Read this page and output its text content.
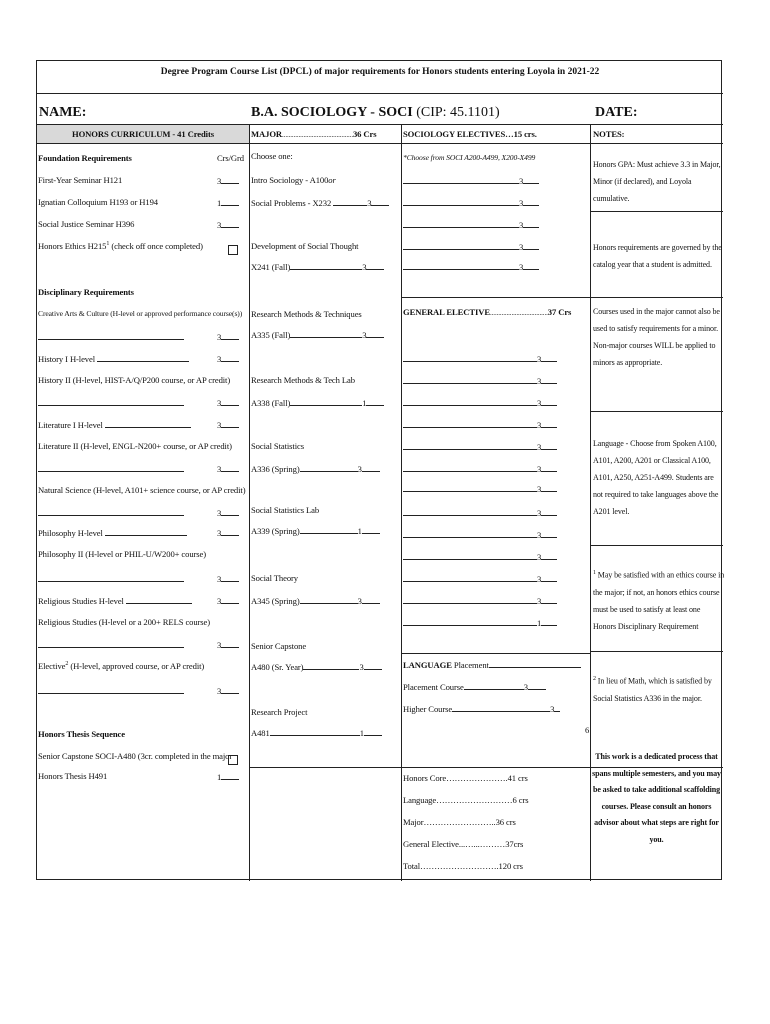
Degree Program Course List (DPCL) of major requirements for Honors students entering Loyola in 2021-22
NAME:	B.A. SOCIOLOGY - SOCI (CIP: 45.1101)	DATE:
HONORS CURRICULUM - 41 Credits
Foundation Requirements	Crs/Grd
First-Year Seminar H121	3
Ignatian Colloquium H193 or H194	1
Social Justice Seminar H396	3
Honors Ethics $H215^1$ (check off once completed)
Disciplinary Requirements
Creative Arts & Culture (H-level or approved performance course(s))
3
History I H-level	3
History II (H-level, HIST-A/Q/P200 course, or AP credit)
3
Literature I H-level	3
Literature II (H-level, ENGL-N200+ course, or AP credit)
3
Natural Science (H-level, A101+ science course, or AP credit)
3
Philosophy H-level	3
Philosophy II (H-level or PHIL-U/W200+ course)
3
Religious Studies H-level	3
Religious Studies (H-level or a 200+ RELS course)
3
Elective$^2$ (H-level, approved course, or AP credit)
3
Honors Thesis Sequence
Senior Capstone SOCI-A480 (3cr. completed in the major
Honors Thesis H491	1
MAJOR...........................................36 Crs
Choose one:
Intro Sociology - A100or
Social Problems - X232	3
Development of Social Thought
X241 (Fall)	3
Research Methods & Techniques
A335 (Fall)	3
Research Methods & Tech Lab
A338 (Fall)	1
Social Statistics
A336 (Spring)	3
Social Statistics Lab
A339 (Spring)	1
Social Theory
A345 (Spring)	3
Senior Capstone
A480 (Sr. Year)	3
Research Project
A481	1
SOCIOLOGY ELECTIVES…15 crs.
*Choose from SOCI A200-A499, X200-X499
3
3
3
3
3
GENERAL ELECTIVE...................................37 Crs
3
3
3
3
3
3
3
3
3
3
3
3
1
LANGUAGE Placement
Placement Course	3
Higher Course	3
6
Honors Core………………….41 crs
Language………………………6 crs
Major……………………..36 crs
General Elective...…...………37crs
Total……………………….120 crs
NOTES:
Honors GPA: Must achieve 3.3 in Major,
Minor (if declared), and Loyola
cumulative.
Honors requirements are governed by the
catalog year that a student is admitted.
Courses used in the major cannot also be
used to satisfy requirements for a minor.
Non-major courses WILL be applied to
minors as appropriate.
Language - Choose from Spoken A100,
A101, A200, A201 or Classical A100,
A101, A250, A251-A499. Students are
not required to take languages above the
A201 level.
$^1$ May be satisfied with an ethics course in
the major; if not, an honors ethics course
must be used to satisfy at least one
Honors Disciplinary Requirement
$^2$ In lieu of Math, which is satisfied by
Social Statistics A336 in the major.
This work is a dedicated process that
spans multiple semesters, and you may
be asked to take additional scaffolding
courses. Please consult an honors
advisor about what steps are right for
you.
